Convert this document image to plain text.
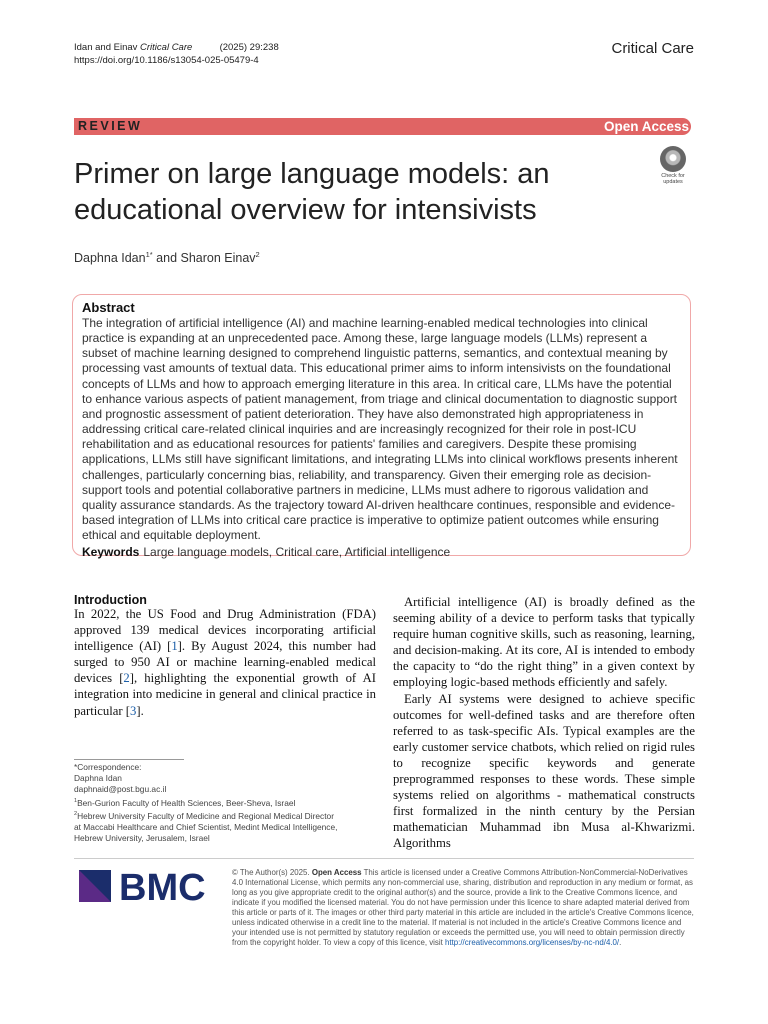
Idan and Einav Critical Care	(2025) 29:238
https://doi.org/10.1186/s13054-025-05479-4
Critical Care
REVIEW	Open Access
Check for
updates
Primer on large language models: an
educational overview for intensivists
Daphna Idan$^{1*}$ and Sharon Einav$^2$
Abstract
The integration of artificial intelligence (AI) and machine learning-enabled medical technologies into clinical practice is expanding at an unprecedented pace. Among these, large language models (LLMs) represent a subset of machine learning designed to comprehend linguistic patterns, semantics, and contextual meaning by processing vast amounts of textual data. This educational primer aims to inform intensivists on the foundational concepts of LLMs and how to approach emerging literature in this area. In critical care, LLMs have the potential to enhance various aspects of patient management, from triage and clinical documentation to diagnostic support and prognostic assessment of patient deterioration. They have also demonstrated high appropriateness in addressing critical care-related clinical inquiries and are increasingly recognized for their role in post-ICU rehabilitation and as educational resources for patients' families and caregivers. Despite these promising applications, LLMs still have significant limitations, and integrating LLMs into clinical workflows presents inherent challenges, particularly concerning bias, reliability, and transparency. Given their emerging role as decision-support tools and potential collaborative partners in medicine, LLMs must adhere to rigorous validation and quality assurance standards. As the trajectory toward AI-driven healthcare continues, responsible and evidence-based integration of LLMs into critical care practice is imperative to optimize patient outcomes while ensuring ethical and equitable deployment.
Keywords Large language models, Critical care, Artificial intelligence
Introduction
In 2022, the US Food and Drug Administration (FDA) approved 139 medical devices incorporating artificial intelligence (AI) [1]. By August 2024, this number had surged to 950 AI or machine learning-enabled medical devices [2], highlighting the exponential growth of AI integration into medicine in general and clinical practice in particular [3].

Artificial intelligence (AI) is broadly defined as the seeming ability of a device to perform tasks that typically require human cognitive skills, such as reasoning, learning, and decision-making. At its core, AI is intended to embody the capacity to “do the right thing” in a given context by employing logic-based methods efficiently and safely.

Early AI systems were designed to achieve specific outcomes for well-defined tasks and are therefore often referred to as task-specific AIs. Typical examples are the early customer service chatbots, which relied on rigid rules to recognize specific keywords and generate preprogrammed responses to these words. These simple systems relied on algorithms - mathematical constructs first formalized in the ninth century by the Persian mathematician Muhammad ibn Musa al-Khwarizmi. Algorithms

*Correspondence:
Daphna Idan
daphnaid@post.bgu.ac.il
$^1$Ben-Gurion Faculty of Health Sciences, Beer-Sheva, Israel
$^2$Hebrew University Faculty of Medicine and Regional Medical Director
at Maccabi Healthcare and Chief Scientist, Medint Medical Intelligence,
Hebrew University, Jerusalem, Israel
BMC	© The Author(s) 2025. Open Access This article is licensed under a Creative Commons Attribution-NonCommercial-NoDerivatives 4.0 International License, which permits any non-commercial use, sharing, distribution and reproduction in any medium or format, as long as you give appropriate credit to the original author(s) and the source, provide a link to the Creative Commons licence, and indicate if you modified the licensed material. You do not have permission under this licence to share adapted material derived from this article or parts of it. The images or other third party material in this article are included in the article's Creative Commons licence, unless indicated otherwise in a credit line to the material. If material is not included in the article's Creative Commons licence and your intended use is not permitted by statutory regulation or exceeds the permitted use, you will need to obtain permission directly from the copyright holder. To view a copy of this licence, visit http://creativecommons.org/licenses/by-nc-nd/4.0/.
